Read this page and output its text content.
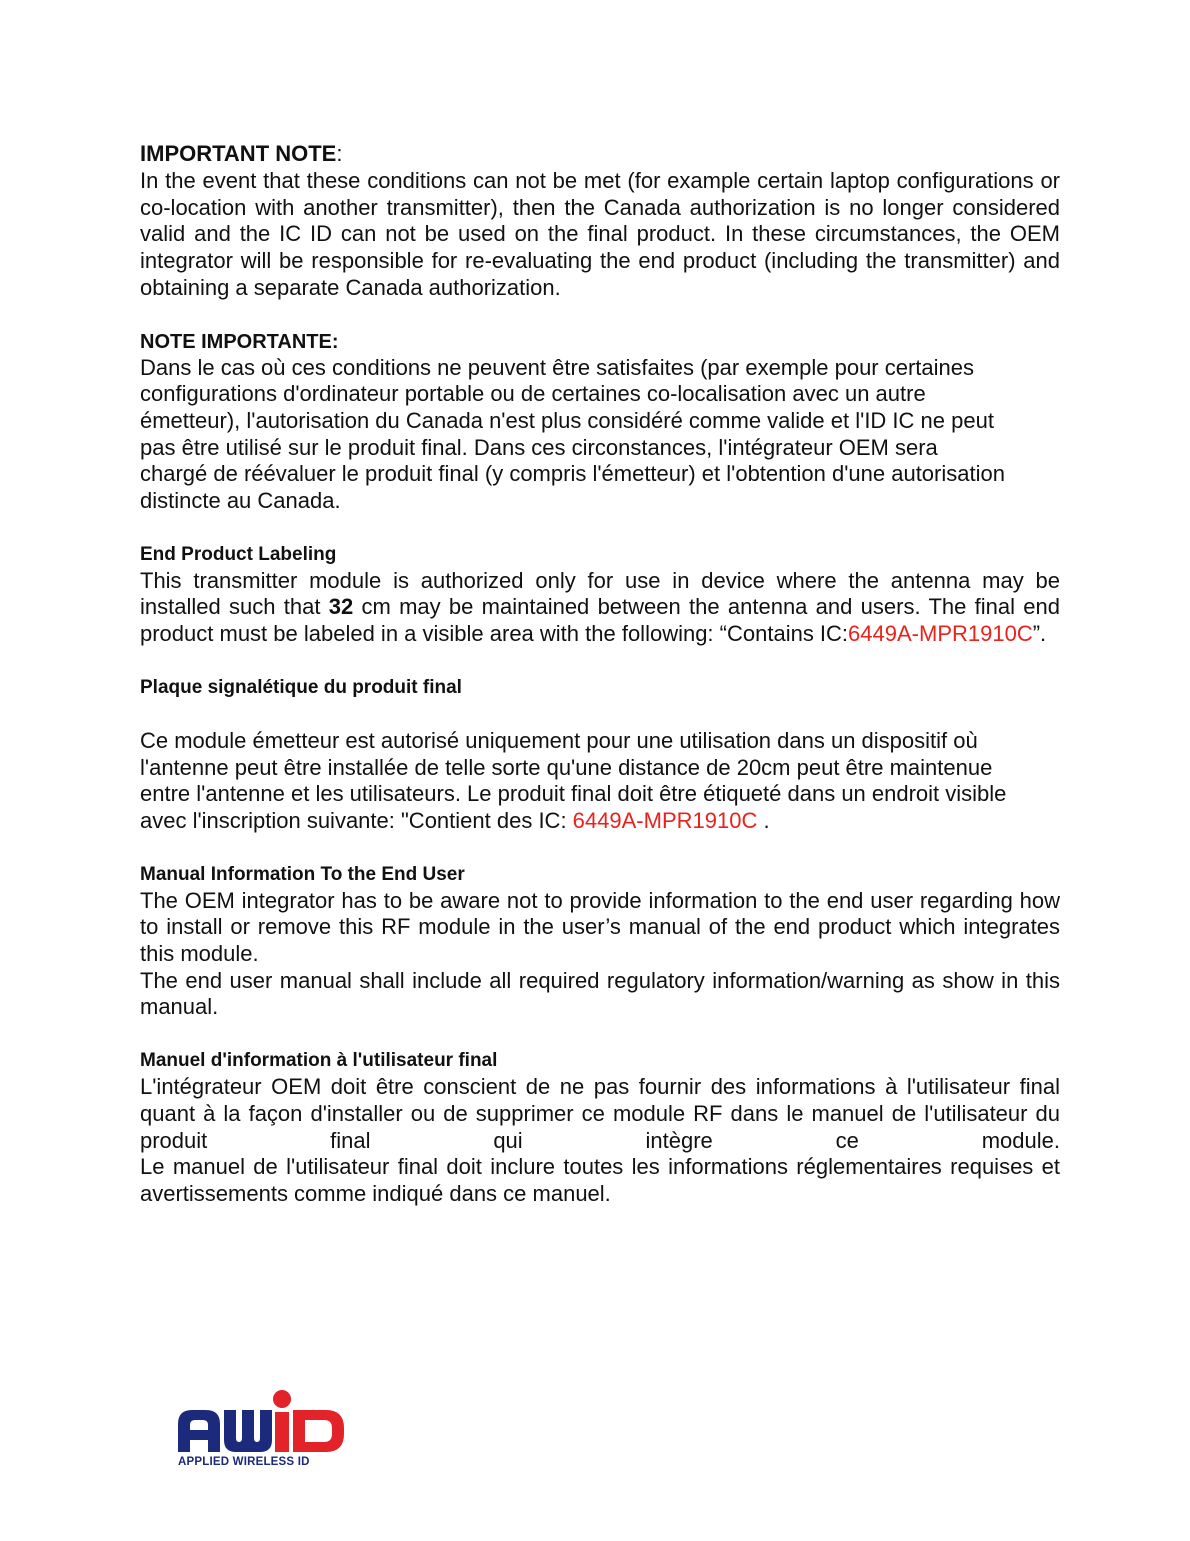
IMPORTANT NOTE:

In the event that these conditions can not be met (for example certain laptop configurations or co-location with another transmitter), then the Canada authorization is no longer considered valid and the IC ID can not be used on the final product. In these circumstances, the OEM integrator will be responsible for re-evaluating the end product (including the transmitter) and obtaining a separate Canada authorization.

NOTE IMPORTANTE:

Dans le cas où ces conditions ne peuvent être satisfaites (par exemple pour certaines
configurations d'ordinateur portable ou de certaines co-localisation avec un autre
émetteur), l'autorisation du Canada n'est plus considéré comme valide et l'ID IC ne peut
pas être utilisé sur le produit final. Dans ces circonstances, l'intégrateur OEM sera
chargé de réévaluer le produit final (y compris l'émetteur) et l'obtention d'une autorisation
distincte au Canada.

End Product Labeling

This transmitter module is authorized only for use in device where the antenna may be installed such that 32 cm may be maintained between the antenna and users. The final end product must be labeled in a visible area with the following: “Contains IC:6449A-MPR1910C”.

Plaque signalétique du produit final

Ce module émetteur est autorisé uniquement pour une utilisation dans un dispositif où
l'antenne peut être installée de telle sorte qu'une distance de 20cm peut être maintenue
entre l'antenne et les utilisateurs. Le produit final doit être étiqueté dans un endroit visible
avec l'inscription suivante: "Contient des IC: 6449A-MPR1910C .

Manual Information To the End User

The OEM integrator has to be aware not to provide information to the end user regarding how to install or remove this RF module in the user’s manual of the end product which integrates this module.

The end user manual shall include all required regulatory information/warning as show in this manual.

Manuel d'information à l'utilisateur final

L'intégrateur OEM doit être conscient de ne pas fournir des informations à l'utilisateur final quant à la façon d'installer ou de supprimer ce module RF dans le manuel de l'utilisateur du produit final qui intègre ce module.

Le manuel de l'utilisateur final doit inclure toutes les informations réglementaires requises et avertissements comme indiqué dans ce manuel.

APPLIED WIRELESS ID
